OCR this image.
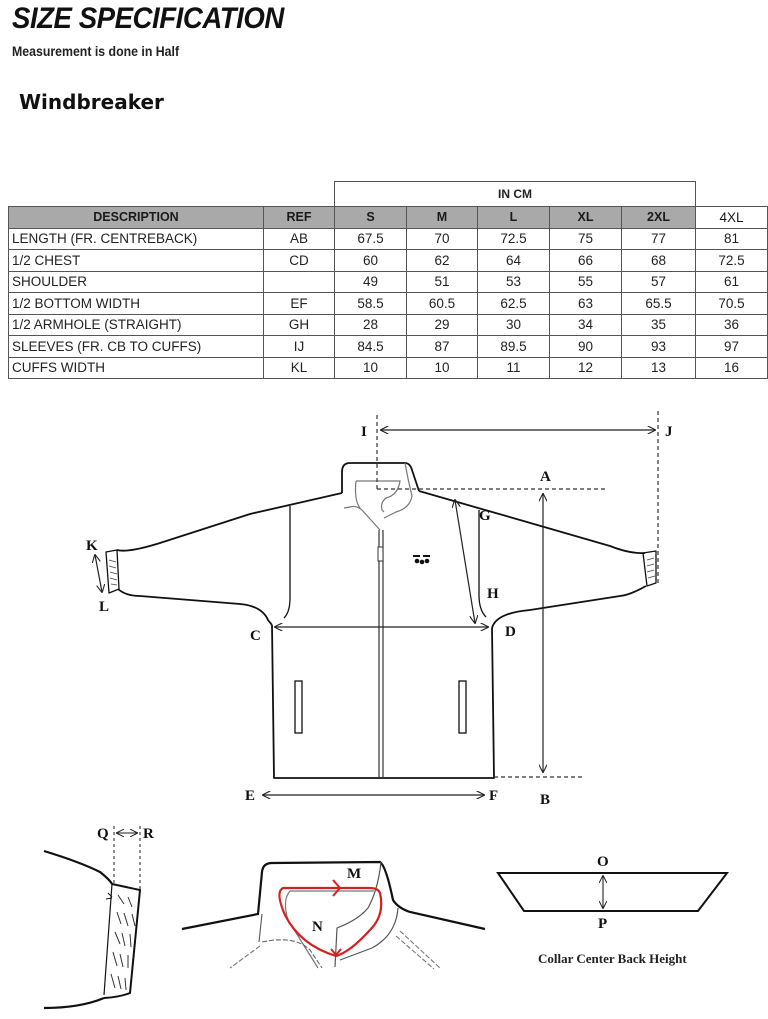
SIZE SPECIFICATION
Measurement is done in Half
Windbreaker
IN CM
DESCRIPTION	REF	S	M	L	XL	2XL	4XL
LENGTH (FR. CENTREBACK)	AB	67.5	70	72.5	75	77	81
1/2 CHEST	CD	60	62	64	66	68	72.5
SHOULDER		49	51	53	55	57	61
1/2 BOTTOM WIDTH	EF	58.5	60.5	62.5	63	65.5	70.5
1/2 ARMHOLE (STRAIGHT)	GH	28	29	30	34	35	36
SLEEVES (FR. CB TO CUFFS)	IJ	84.5	87	89.5	90	93	97
CUFFS WIDTH	KL	10	10	11	12	13	16
I	J
A
B
G
H
C	D
E	F
K
L
Q R
M
N
O
P
Collar Center Back Height
